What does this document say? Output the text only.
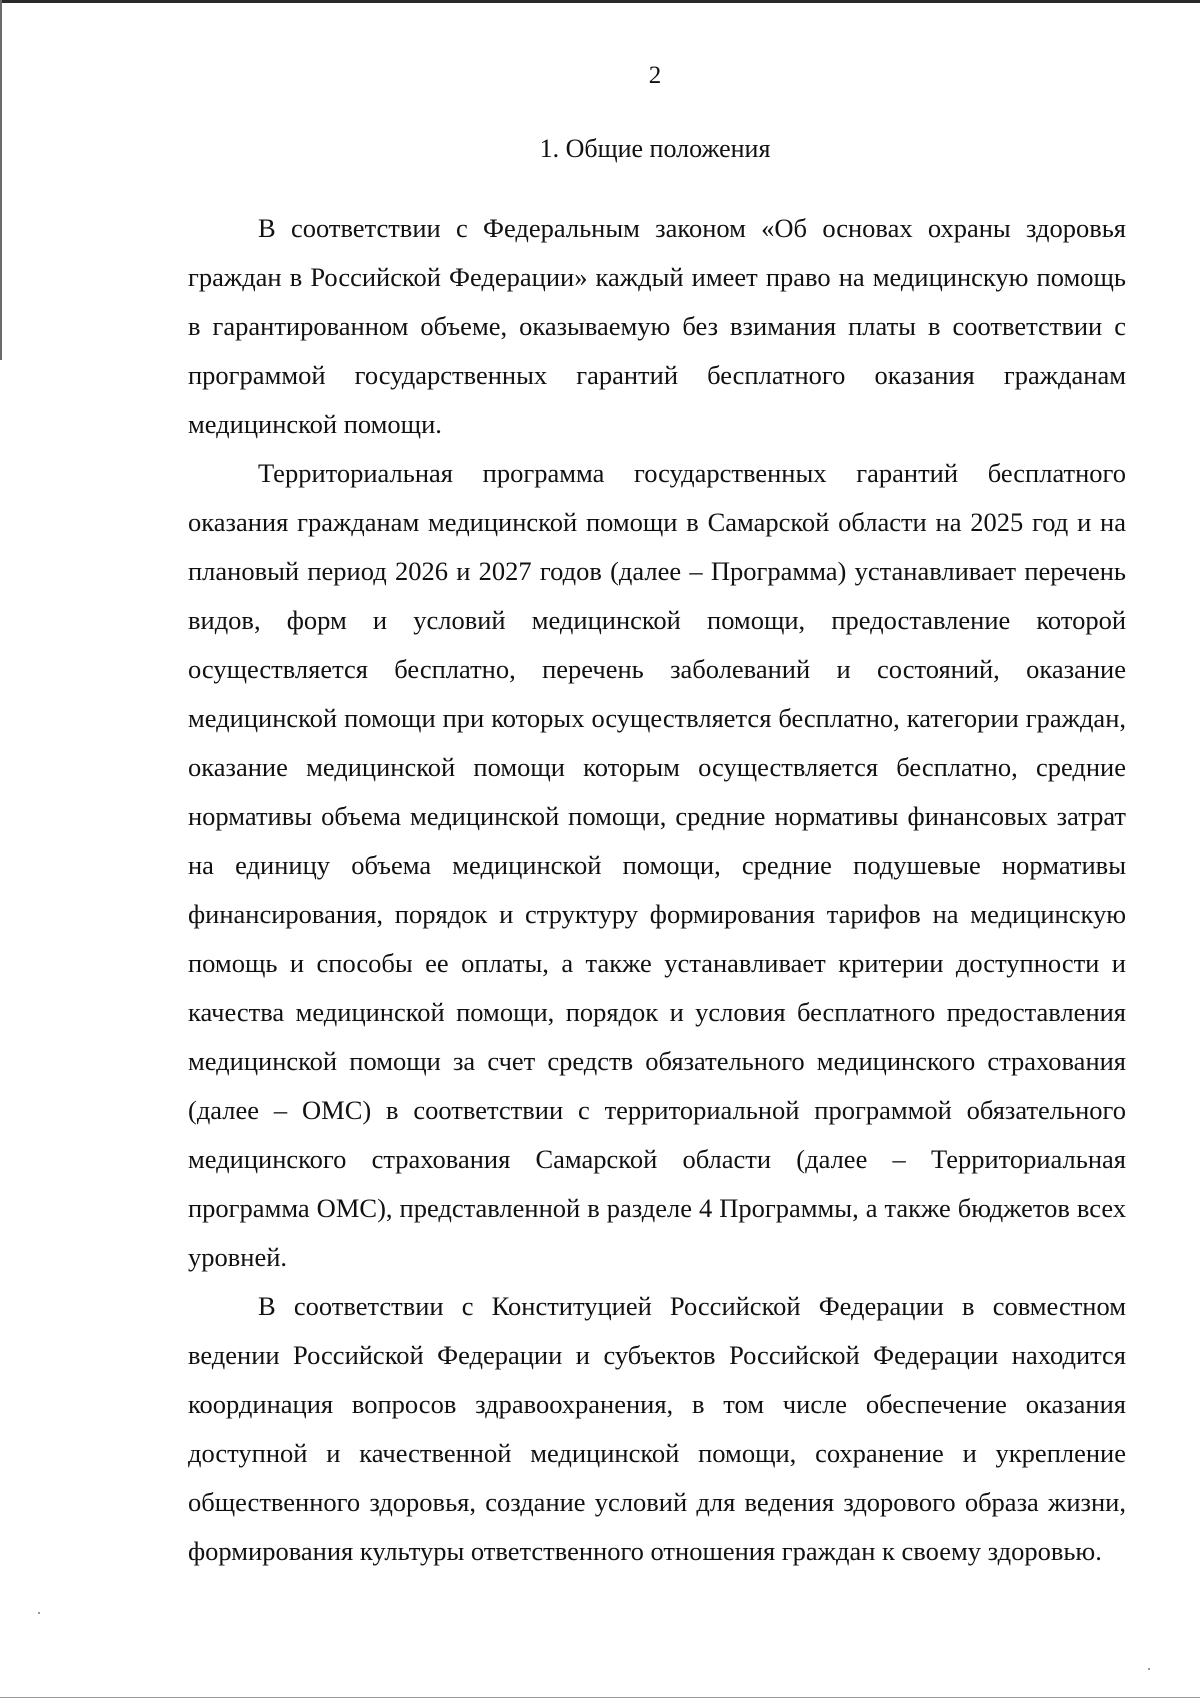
2
1. Общие положения

В соответствии с Федеральным законом «Об основах охраны здоровья граждан в Российской Федерации» каждый имеет право на медицинскую помощь в гарантированном объеме, оказываемую без взимания платы в соответствии с программой государственных гарантий бесплатного оказания гражданам медицинской помощи.

Территориальная программа государственных гарантий бесплатного оказания гражданам медицинской помощи в Самарской области на 2025 год и на плановый период 2026 и 2027 годов (далее – Программа) устанавливает перечень видов, форм и условий медицинской помощи, предоставление которой осуществляется бесплатно, перечень заболеваний и состояний, оказание медицинской помощи при которых осуществляется бесплатно, категории граждан, оказание медицинской помощи которым осуществляется бесплатно, средние нормативы объема медицинской помощи, средние нормативы финансовых затрат на единицу объема медицинской помощи, средние подушевые нормативы финансирования, порядок и структуру формирования тарифов на медицинскую помощь и способы ее оплаты, а также устанавливает критерии доступности и качества медицинской помощи, порядок и условия бесплатного предоставления медицинской помощи за счет средств обязательного медицинского страхования (далее – ОМС) в соответствии с территориальной программой обязательного медицинского страхования Самарской области (далее – Территориальная программа ОМС), представленной в разделе 4 Программы, а также бюджетов всех уровней.

В соответствии с Конституцией Российской Федерации в совместном ведении Российской Федерации и субъектов Российской Федерации находится координация вопросов здравоохранения, в том числе обеспечение оказания доступной и качественной медицинской помощи, сохранение и укрепление общественного здоровья, создание условий для ведения здорового образа жизни, формирования культуры ответственного отношения граждан к своему здоровью.
